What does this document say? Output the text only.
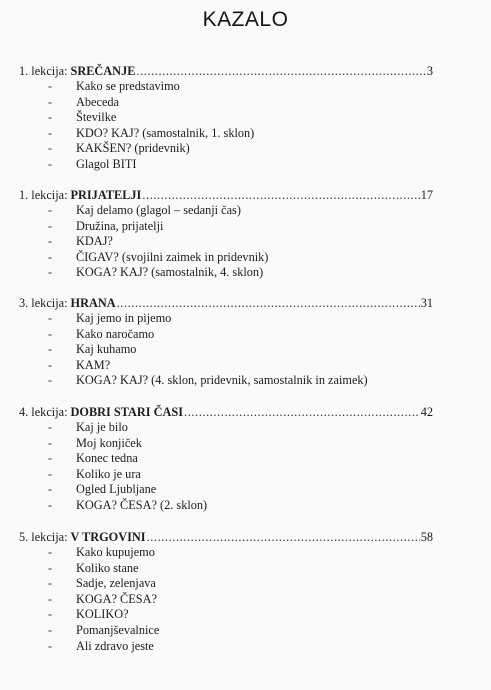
KAZALO
1. lekcija: SREČANJE .....	3
-	Kako se predstavimo
-	Abeceda
-	Številke
-	KDO? KAJ? (samostalnik, 1. sklon)
-	KAKŠEN? (pridevnik)
-	Glagol BITI
1. lekcija: PRIJATELJI .....	17
-	Kaj delamo (glagol – sedanji čas)
-	Družina, prijatelji
-	KDAJ?
-	ČIGAV? (svojilni zaimek in pridevnik)
-	KOGA? KAJ? (samostalnik, 4. sklon)
3. lekcija: HRANA .....	31
-	Kaj jemo in pijemo
-	Kako naročamo
-	Kaj kuhamo
-	KAM?
-	KOGA? KAJ? (4. sklon, pridevnik, samostalnik in zaimek)
4. lekcija: DOBRI STARI ČASI .....	42
-	Kaj je bilo
-	Moj konjiček
-	Konec tedna
-	Koliko je ura
-	Ogled Ljubljane
-	KOGA? ČESA? (2. sklon)
5. lekcija: V TRGOVINI .....	58
-	Kako kupujemo
-	Koliko stane
-	Sadje, zelenjava
-	KOGA? ČESA?
-	KOLIKO?
-	Pomanjševalnice
-	Ali zdravo jeste
